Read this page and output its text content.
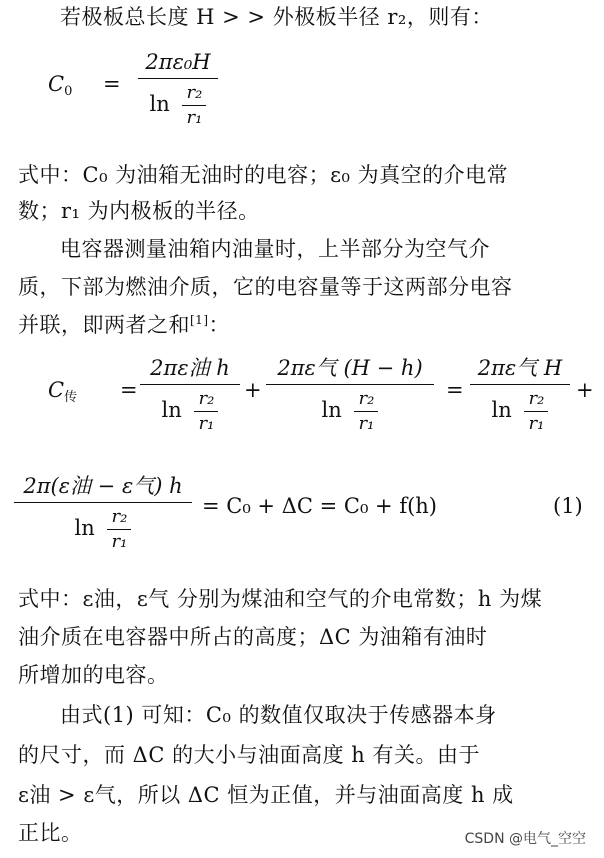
若极板总长度 H > > 外极板半径 r₂，则有：
$C_0$ =
2πε₀H
$\ln \frac{\text{r₂}}{\text{r₁}}$
式中：C₀ 为油箱无油时的电容；ε₀ 为真空的介电常
数；r₁ 为内极板的半径。
电容器测量油箱内油量时，上半部分为空气介
质，下部为燃油介质，它的电容量等于这两部分电容
并联，即两者之和[1]：
$C_传$ =
2πε油 h
$\ln \frac{\text{r₂}}{\text{r₁}}$ +
2πε气 (H − h)
$\ln \frac{\text{r₂}}{\text{r₁}}$	=
2πε气 H
$\ln \frac{\text{r₂}}{\text{r₁}}$ +
2π(ε油 − ε气) h
$\ln \frac{\text{r₂}}{\text{r₁}}$	= C₀ + ΔC = C₀ + f(h)	(1)
式中：ε油，ε气 分别为煤油和空气的介电常数；h 为煤
油介质在电容器中所占的高度；ΔC 为油箱有油时
所增加的电容。
由式(1) 可知：C₀ 的数值仅取决于传感器本身
的尺寸，而 ΔC 的大小与油面高度 h 有关。由于
ε油 > ε气，所以 ΔC 恒为正值，并与油面高度 h 成
正比。	CSDN @电气_空空
